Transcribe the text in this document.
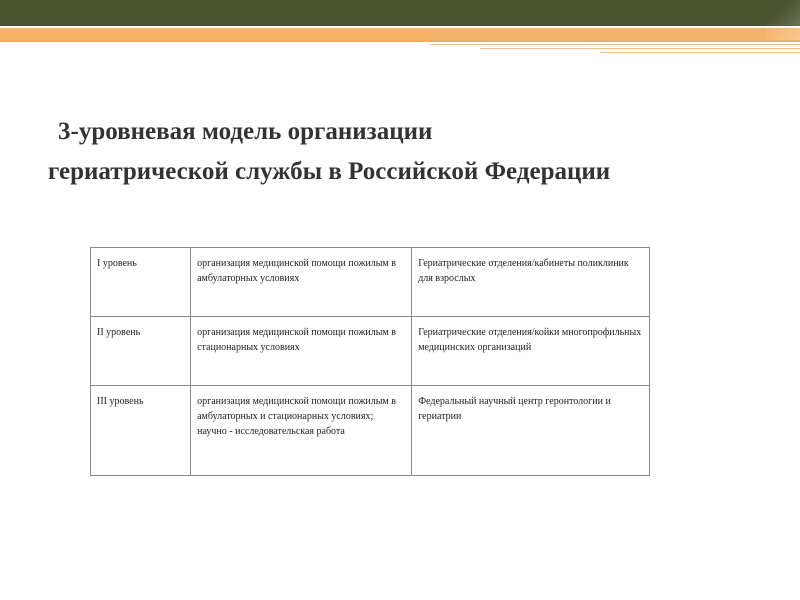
3-уровневая модель организации
гериатрической службы в Российской Федерации
I уровень	организация медицинской помощи пожилым в амбулаторных условиях	Гериатрические отделения/кабинеты поликлиник для взрослых
II уровень	организация медицинской помощи пожилым в стационарных условиях	Гериатрические отделения/койки многопрофильных медицинских организаций
III уровень	организация медицинской помощи пожилым в амбулаторных и стационарных условиях; научно - исследовательская работа	Федеральный научный центр геронтологии и гериатрии
